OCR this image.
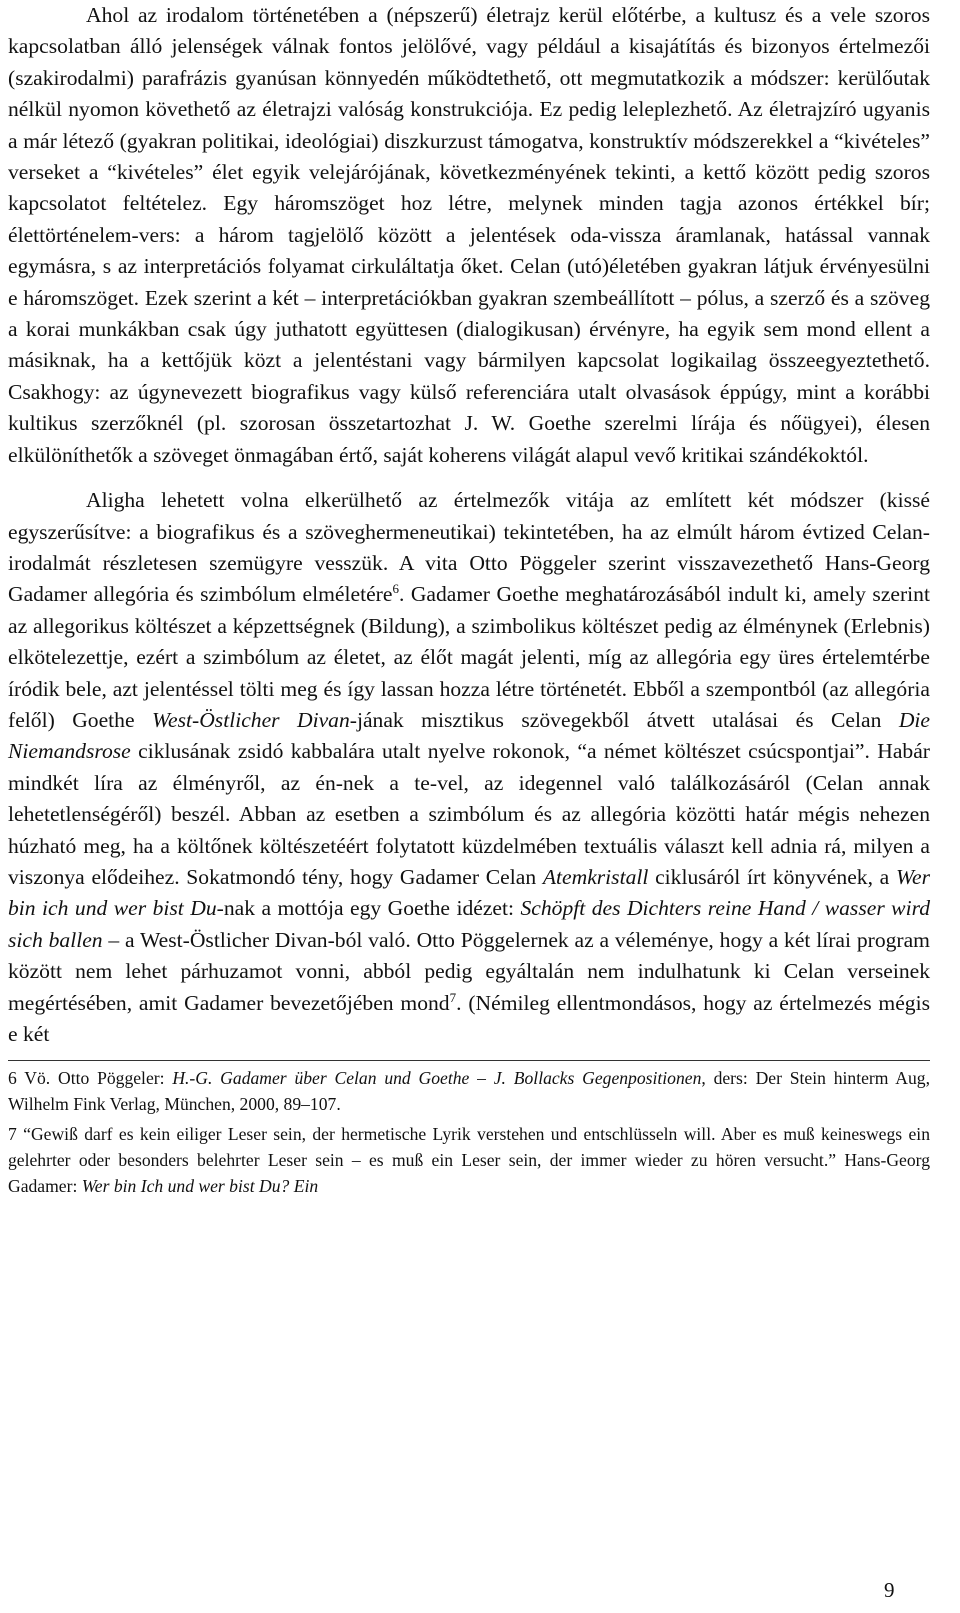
Ahol az irodalom történetében a (népszerű) életrajz kerül előtérbe, a kultusz és a vele szoros kapcsolatban álló jelenségek válnak fontos jelölővé, vagy például a kisajátítás és bizonyos értelmezői (szakirodalmi) parafrázis gyanúsan könnyedén működtethető, ott megmutatkozik a módszer: kerülőutak nélkül nyomon követhető az életrajzi valóság konstrukciója. Ez pedig leleplezhető. Az életrajzíró ugyanis a már létező (gyakran politikai, ideológiai) diszkurzust támogatva, konstruktív módszerekkel a “kivételes” verseket a “kivételes” élet egyik velejárójának, következményének tekinti, a kettő között pedig szoros kapcsolatot feltételez. Egy háromszöget hoz létre, melynek minden tagja azonos értékkel bír; élettörténelem-vers: a három tagjelölő között a jelentések oda-vissza áramlanak, hatással vannak egymásra, s az interpretációs folyamat cirkuláltatja őket. Celan (utó)életében gyakran látjuk érvényesülni e háromszöget. Ezek szerint a két – interpretációkban gyakran szembeállított – pólus, a szerző és a szöveg a korai munkákban csak úgy juthatott együttesen (dialogikusan) érvényre, ha egyik sem mond ellent a másiknak, ha a kettőjük közt a jelentéstani vagy bármilyen kapcsolat logikailag összeegyeztethető. Csakhogy: az úgynevezett biografikus vagy külső referenciára utalt olvasások éppúgy, mint a korábbi kultikus szerzőknél (pl. szorosan összetartozhat J. W. Goethe szerelmi lírája és nőügyei), élesen elkülöníthetők a szöveget önmagában értő, saját koherens világát alapul vevő kritikai szándékoktól.

Aligha lehetett volna elkerülhető az értelmezők vitája az említett két módszer (kissé egyszerűsítve: a biografikus és a szöveghermeneutikai) tekintetében, ha az elmúlt három évtized Celan-irodalmát részletesen szemügyre vesszük. A vita Otto Pöggeler szerint visszavezethető Hans-Georg Gadamer allegória és szimbólum elméletére$^6$. Gadamer Goethe meghatározásából indult ki, amely szerint az allegorikus költészet a képzettségnek (Bildung), a szimbolikus költészet pedig az élménynek (Erlebnis) elkötelezettje, ezért a szimbólum az életet, az élőt magát jelenti, míg az allegória egy üres értelemtérbe íródik bele, azt jelentéssel tölti meg és így lassan hozza létre történetét. Ebből a szempontból (az allegória felől) Goethe West-Östlicher Divan-jának misztikus szövegekből átvett utalásai és Celan Die Niemandsrose ciklusának zsidó kabbalára utalt nyelve rokonok, “a német költészet csúcspontjai”. Habár mindkét líra az élményről, az én-nek a te-vel, az idegennel való találkozásáról (Celan annak lehetetlenségéről) beszél. Abban az esetben a szimbólum és az allegória közötti határ mégis nehezen húzható meg, ha a költőnek költészetéért folytatott küzdelmében textuális választ kell adnia rá, milyen a viszonya elődeihez. Sokatmondó tény, hogy Gadamer Celan Atemkristall ciklusáról írt könyvének, a Wer bin ich und wer bist Du-nak a mottója egy Goethe idézet: Schöpft des Dichters reine Hand / wasser wird sich ballen – a West-Östlicher Divan-ból való. Otto Pöggelernek az a véleménye, hogy a két lírai program között nem lehet párhuzamot vonni, abból pedig egyáltalán nem indulhatunk ki Celan verseinek megértésében, amit Gadamer bevezetőjében mond$^7$. (Némileg ellentmondásos, hogy az értelmezés mégis e két

6 Vö. Otto Pöggeler: H.-G. Gadamer über Celan und Goethe – J. Bollacks Gegenpositionen, ders: Der Stein hinterm Aug, Wilhelm Fink Verlag, München, 2000, 89–107.

7 “Gewiß darf es kein eiliger Leser sein, der hermetische Lyrik verstehen und entschlüsseln will. Aber es muß keineswegs ein gelehrter oder besonders belehrter Leser sein – es muß ein Leser sein, der immer wieder zu hören versucht.” Hans-Georg Gadamer: Wer bin Ich und wer bist Du? Ein

9
